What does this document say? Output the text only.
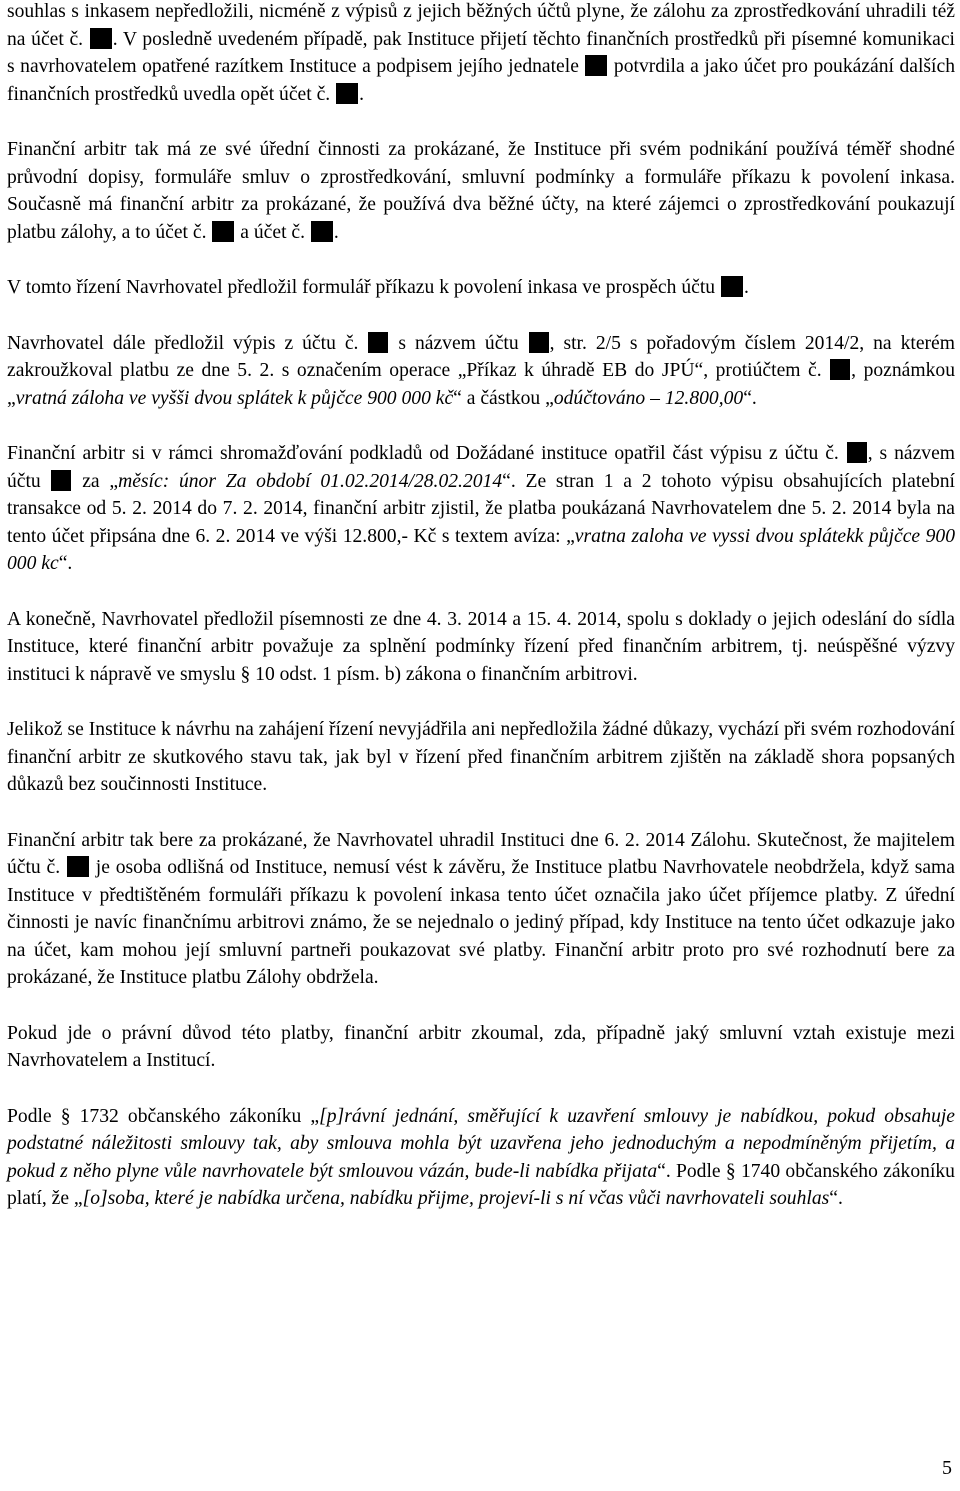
souhlas s inkasem nepředložili, nicméně z výpisů z jejich běžných účtů plyne, že zálohu za zprostředkování uhradili též na účet č. . V posledně uvedeném případě, pak Instituce přijetí těchto finančních prostředků při písemné komunikaci s navrhovatelem opatřené razítkem Instituce a podpisem jejího jednatele  potvrdila a jako účet pro poukázání dalších finančních prostředků uvedla opět účet č. .

Finanční arbitr tak má ze své úřední činnosti za prokázané, že Instituce při svém podnikání používá téměř shodné průvodní dopisy, formuláře smluv o zprostředkování, smluvní podmínky a formuláře příkazu k povolení inkasa. Současně má finanční arbitr za prokázané, že používá dva běžné účty, na které zájemci o zprostředkování poukazují platbu zálohy, a to účet č.  a účet č. .

V tomto řízení Navrhovatel předložil formulář příkazu k povolení inkasa ve prospěch účtu .

Navrhovatel dále předložil výpis z účtu č.  s názvem účtu , str. 2/5 s pořadovým číslem 2014/2, na kterém zakroužkoval platbu ze dne 5. 2. s označením operace „Příkaz k úhradě EB do JPÚ“, protiúčtem č. , poznámkou „vratná záloha ve vyšši dvou splátek k půjčce 900 000 kč“ a částkou „odúčtováno – 12.800,00“.

Finanční arbitr si v rámci shromažďování podkladů od Dožádané instituce opatřil část výpisu z účtu č. , s názvem účtu  za „měsíc: únor Za období 01.02.2014/28.02.2014“. Ze stran 1 a 2 tohoto výpisu obsahujících platební transakce od 5. 2. 2014 do 7. 2. 2014, finanční arbitr zjistil, že platba poukázaná Navrhovatelem dne 5. 2. 2014 byla na tento účet připsána dne 6. 2. 2014 ve výši 12.800,- Kč s textem avíza: „vratna zaloha ve vyssi dvou splátekk půjčce 900 000 kc“.

A konečně, Navrhovatel předložil písemnosti ze dne 4. 3. 2014 a 15. 4. 2014, spolu s doklady o jejich odeslání do sídla Instituce, které finanční arbitr považuje za splnění podmínky řízení před finančním arbitrem, tj. neúspěšné výzvy instituci k nápravě ve smyslu § 10 odst. 1 písm. b) zákona o finančním arbitrovi.

Jelikož se Instituce k návrhu na zahájení řízení nevyjádřila ani nepředložila žádné důkazy, vychází při svém rozhodování finanční arbitr ze skutkového stavu tak, jak byl v řízení před finančním arbitrem zjištěn na základě shora popsaných důkazů bez součinnosti Instituce.

Finanční arbitr tak bere za prokázané, že Navrhovatel uhradil Instituci dne 6. 2. 2014 Zálohu. Skutečnost, že majitelem účtu č.  je osoba odlišná od Instituce, nemusí vést k závěru, že Instituce platbu Navrhovatele neobdržela, když sama Instituce v předtištěném formuláři příkazu k povolení inkasa tento účet označila jako účet příjemce platby. Z úřední činnosti je navíc finančnímu arbitrovi známo, že se nejednalo o jediný případ, kdy Instituce na tento účet odkazuje jako na účet, kam mohou její smluvní partneři poukazovat své platby. Finanční arbitr proto pro své rozhodnutí bere za prokázané, že Instituce platbu Zálohy obdržela.

Pokud jde o právní důvod této platby, finanční arbitr zkoumal, zda, případně jaký smluvní vztah existuje mezi Navrhovatelem a Institucí.

Podle § 1732 občanského zákoníku „[p]rávní jednání, směřující k uzavření smlouvy je nabídkou, pokud obsahuje podstatné náležitosti smlouvy tak, aby smlouva mohla být uzavřena jeho jednoduchým a nepodmíněným přijetím, a pokud z něho plyne vůle navrhovatele být smlouvou vázán, bude-li nabídka přijata“. Podle § 1740 občanského zákoníku platí, že „[o]soba, které je nabídka určena, nabídku přijme, projeví-li s ní včas vůči navrhovateli souhlas“.

5
